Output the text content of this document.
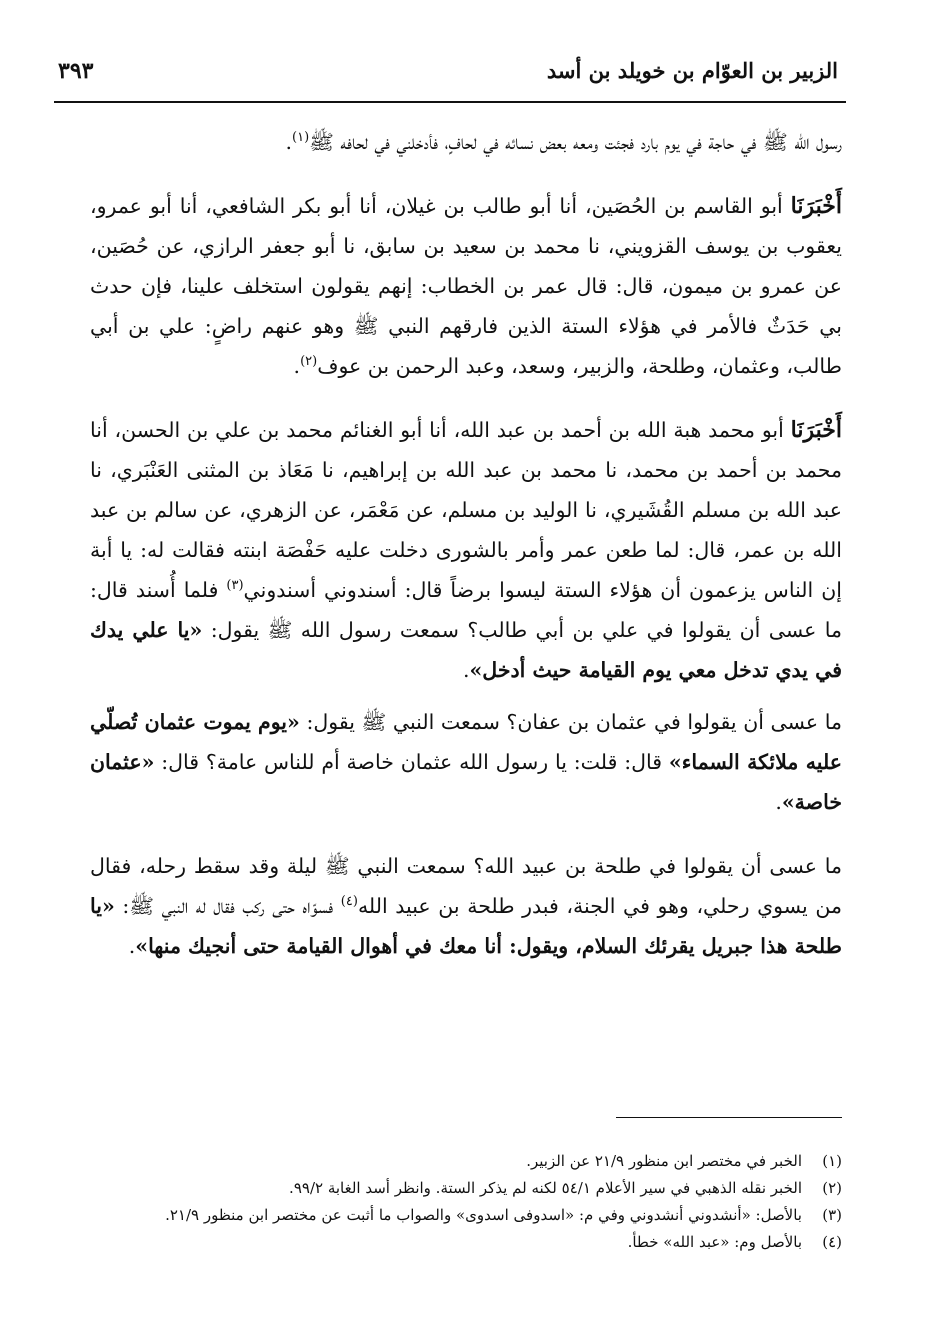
الزبير بن العوّام بن خويلد بن أسد
٣٩٣

رسول الله ﷺ في حاجة في يوم بارد فجئت ومعه بعض نسائه في لحافٍ، فأدخلني في لحافه ﷺ$^{(١)}$.

أَخْبَرَنَا أبو القاسم بن الحُصَين، أنا أبو طالب بن غيلان، أنا أبو بكر الشافعي، أنا أبو عمرو، يعقوب بن يوسف القزويني، نا محمد بن سعيد بن سابق، نا أبو جعفر الرازي، عن حُصَين، عن عمرو بن ميمون، قال: قال عمر بن الخطاب: إنهم يقولون استخلف علينا، فإن حدث بي حَدَثٌ فالأمر في هؤلاء الستة الذين فارقهم النبي ﷺ وهو عنهم راضٍ: علي بن أبي طالب، وعثمان، وطلحة، والزبير، وسعد، وعبد الرحمن بن عوف$^{(٢)}$.

أَخْبَرَنَا أبو محمد هبة الله بن أحمد بن عبد الله، أنا أبو الغنائم محمد بن علي بن الحسن، أنا محمد بن أحمد بن محمد، نا محمد بن عبد الله بن إبراهيم، نا مَعَاذ بن المثنى العَنْبَري، نا عبد الله بن مسلم القُشَيري، نا الوليد بن مسلم، عن مَعْمَر، عن الزهري، عن سالم بن عبد الله بن عمر، قال: لما طعن عمر وأمر بالشورى دخلت عليه حَفْصَة ابنته فقالت له: يا أبة إن الناس يزعمون أن هؤلاء الستة ليسوا برضاً قال: أسندوني أسندوني$^{(٣)}$ فلما أُسند قال: ما عسى أن يقولوا في علي بن أبي طالب؟ سمعت رسول الله ﷺ يقول: «يا علي يدك في يدي تدخل معي يوم القيامة حيث أدخل».

ما عسى أن يقولوا في عثمان بن عفان؟ سمعت النبي ﷺ يقول: «يوم يموت عثمان تُصلّي عليه ملائكة السماء» قال: قلت: يا رسول الله عثمان خاصة أم للناس عامة؟ قال: «عثمان خاصة».

ما عسى أن يقولوا في طلحة بن عبيد الله؟ سمعت النبي ﷺ ليلة وقد سقط رحله، فقال من يسوي رحلي، وهو في الجنة، فبدر طلحة بن عبيد الله$^{(٤)}$ فسوّاه حتى ركب فقال له النبي ﷺ: «يا طلحة هذا جبريل يقرئك السلام، ويقول: أنا معك في أهوال القيامة حتى أنجيك منها».

(١)
الخبر في مختصر ابن منظور ٢١/٩ عن الزبير.
(٢)
الخبر نقله الذهبي في سير الأعلام ٥٤/١ لكنه لم يذكر الستة. وانظر أسد الغابة ٩٩/٢.
(٣)
بالأصل: «أنشدوني أنشدوني وفي م: «اسدوفى اسدوى» والصواب ما أثبت عن مختصر ابن منظور ٢١/٩.
(٤)
بالأصل وم: «عبد الله» خطأ.
